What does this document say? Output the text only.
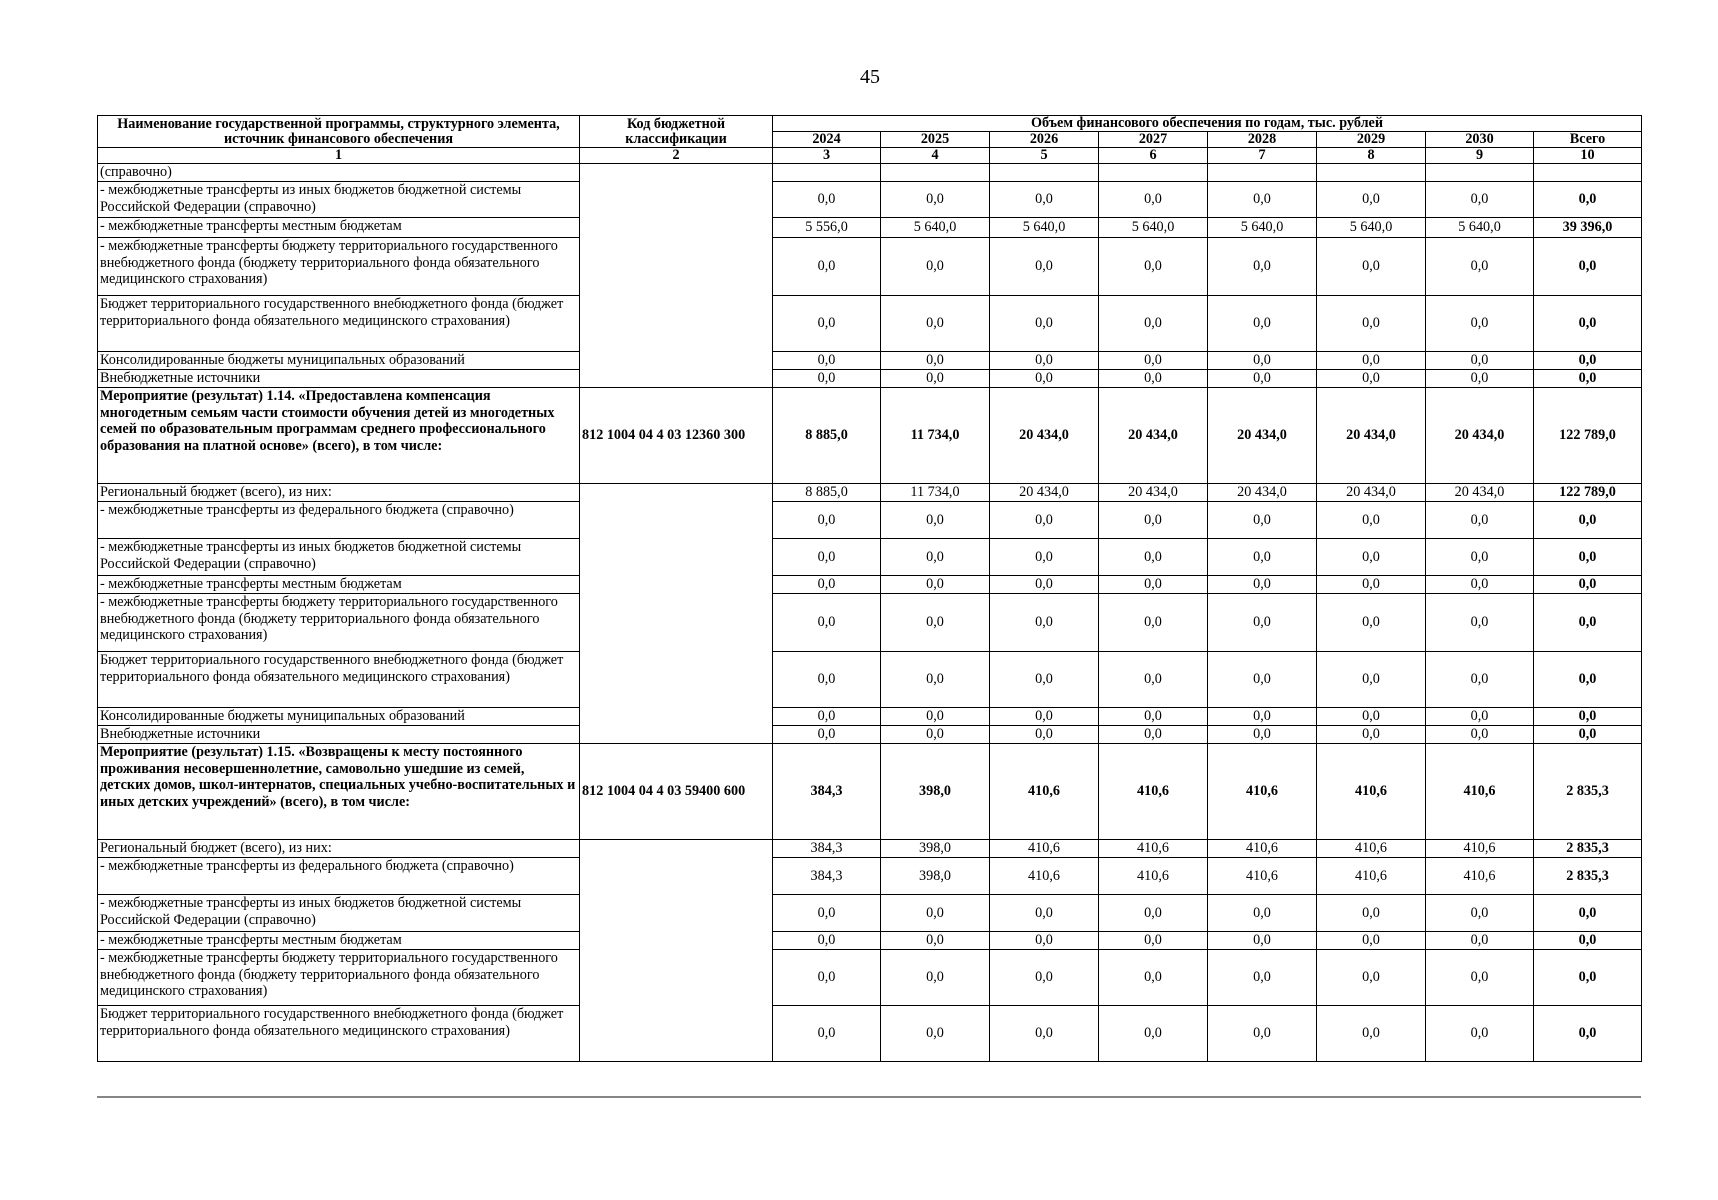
45
Наименование государственной программы, структурного элемента, источник финансового обеспечения	Код бюджетной классификации	Объем финансового обеспечения по годам, тыс. рублей							
		2024	2025	2026	2027	2028	2029	2030	Всего
1	2	3	4	5	6	7	8	9	10
(справочно)									
- межбюджетные трансферты из иных бюджетов бюджетной системы Российской Федерации (справочно)		0,0	0,0	0,0	0,0	0,0	0,0	0,0	0,0
- межбюджетные трансферты местным бюджетам		5 556,0	5 640,0	5 640,0	5 640,0	5 640,0	5 640,0	5 640,0	39 396,0
- межбюджетные трансферты бюджету территориального государственного внебюджетного фонда (бюджету территориального фонда обязательного медицинского страхования)		0,0	0,0	0,0	0,0	0,0	0,0	0,0	0,0
Бюджет территориального государственного внебюджетного фонда (бюджет территориального фонда обязательного медицинского страхования)		0,0	0,0	0,0	0,0	0,0	0,0	0,0	0,0
Консолидированные бюджеты муниципальных образований		0,0	0,0	0,0	0,0	0,0	0,0	0,0	0,0
Внебюджетные источники		0,0	0,0	0,0	0,0	0,0	0,0	0,0	0,0
Мероприятие (результат) 1.14. «Предоставлена компенсация многодетным семьям части стоимости обучения детей из многодетных семей по образовательным программам среднего профессионального образования на платной основе» (всего), в том числе:	812 1004 04 4 03 12360 300	8 885,0	11 734,0	20 434,0	20 434,0	20 434,0	20 434,0	20 434,0	122 789,0
Региональный бюджет (всего), из них:		8 885,0	11 734,0	20 434,0	20 434,0	20 434,0	20 434,0	20 434,0	122 789,0
- межбюджетные трансферты из федерального бюджета (справочно)		0,0	0,0	0,0	0,0	0,0	0,0	0,0	0,0
- межбюджетные трансферты из иных бюджетов бюджетной системы Российской Федерации (справочно)		0,0	0,0	0,0	0,0	0,0	0,0	0,0	0,0
- межбюджетные трансферты местным бюджетам		0,0	0,0	0,0	0,0	0,0	0,0	0,0	0,0
- межбюджетные трансферты бюджету территориального государственного внебюджетного фонда (бюджету территориального фонда обязательного медицинского страхования)		0,0	0,0	0,0	0,0	0,0	0,0	0,0	0,0
Бюджет территориального государственного внебюджетного фонда (бюджет территориального фонда обязательного медицинского страхования)		0,0	0,0	0,0	0,0	0,0	0,0	0,0	0,0
Консолидированные бюджеты муниципальных образований		0,0	0,0	0,0	0,0	0,0	0,0	0,0	0,0
Внебюджетные источники		0,0	0,0	0,0	0,0	0,0	0,0	0,0	0,0
Мероприятие (результат) 1.15. «Возвращены к месту постоянного проживания несовершеннолетние, самовольно ушедшие из семей, детских домов, школ-интернатов, специальных учебно-воспитательных и иных детских учреждений» (всего), в том числе:	812 1004 04 4 03 59400 600	384,3	398,0	410,6	410,6	410,6	410,6	410,6	2 835,3
Региональный бюджет (всего), из них:		384,3	398,0	410,6	410,6	410,6	410,6	410,6	2 835,3
- межбюджетные трансферты из федерального бюджета (справочно)		384,3	398,0	410,6	410,6	410,6	410,6	410,6	2 835,3
- межбюджетные трансферты из иных бюджетов бюджетной системы Российской Федерации (справочно)		0,0	0,0	0,0	0,0	0,0	0,0	0,0	0,0
- межбюджетные трансферты местным бюджетам		0,0	0,0	0,0	0,0	0,0	0,0	0,0	0,0
- межбюджетные трансферты бюджету территориального государственного внебюджетного фонда (бюджету территориального фонда обязательного медицинского страхования)		0,0	0,0	0,0	0,0	0,0	0,0	0,0	0,0
Бюджет территориального государственного внебюджетного фонда (бюджет территориального фонда обязательного медицинского страхования)		0,0	0,0	0,0	0,0	0,0	0,0	0,0	0,0
